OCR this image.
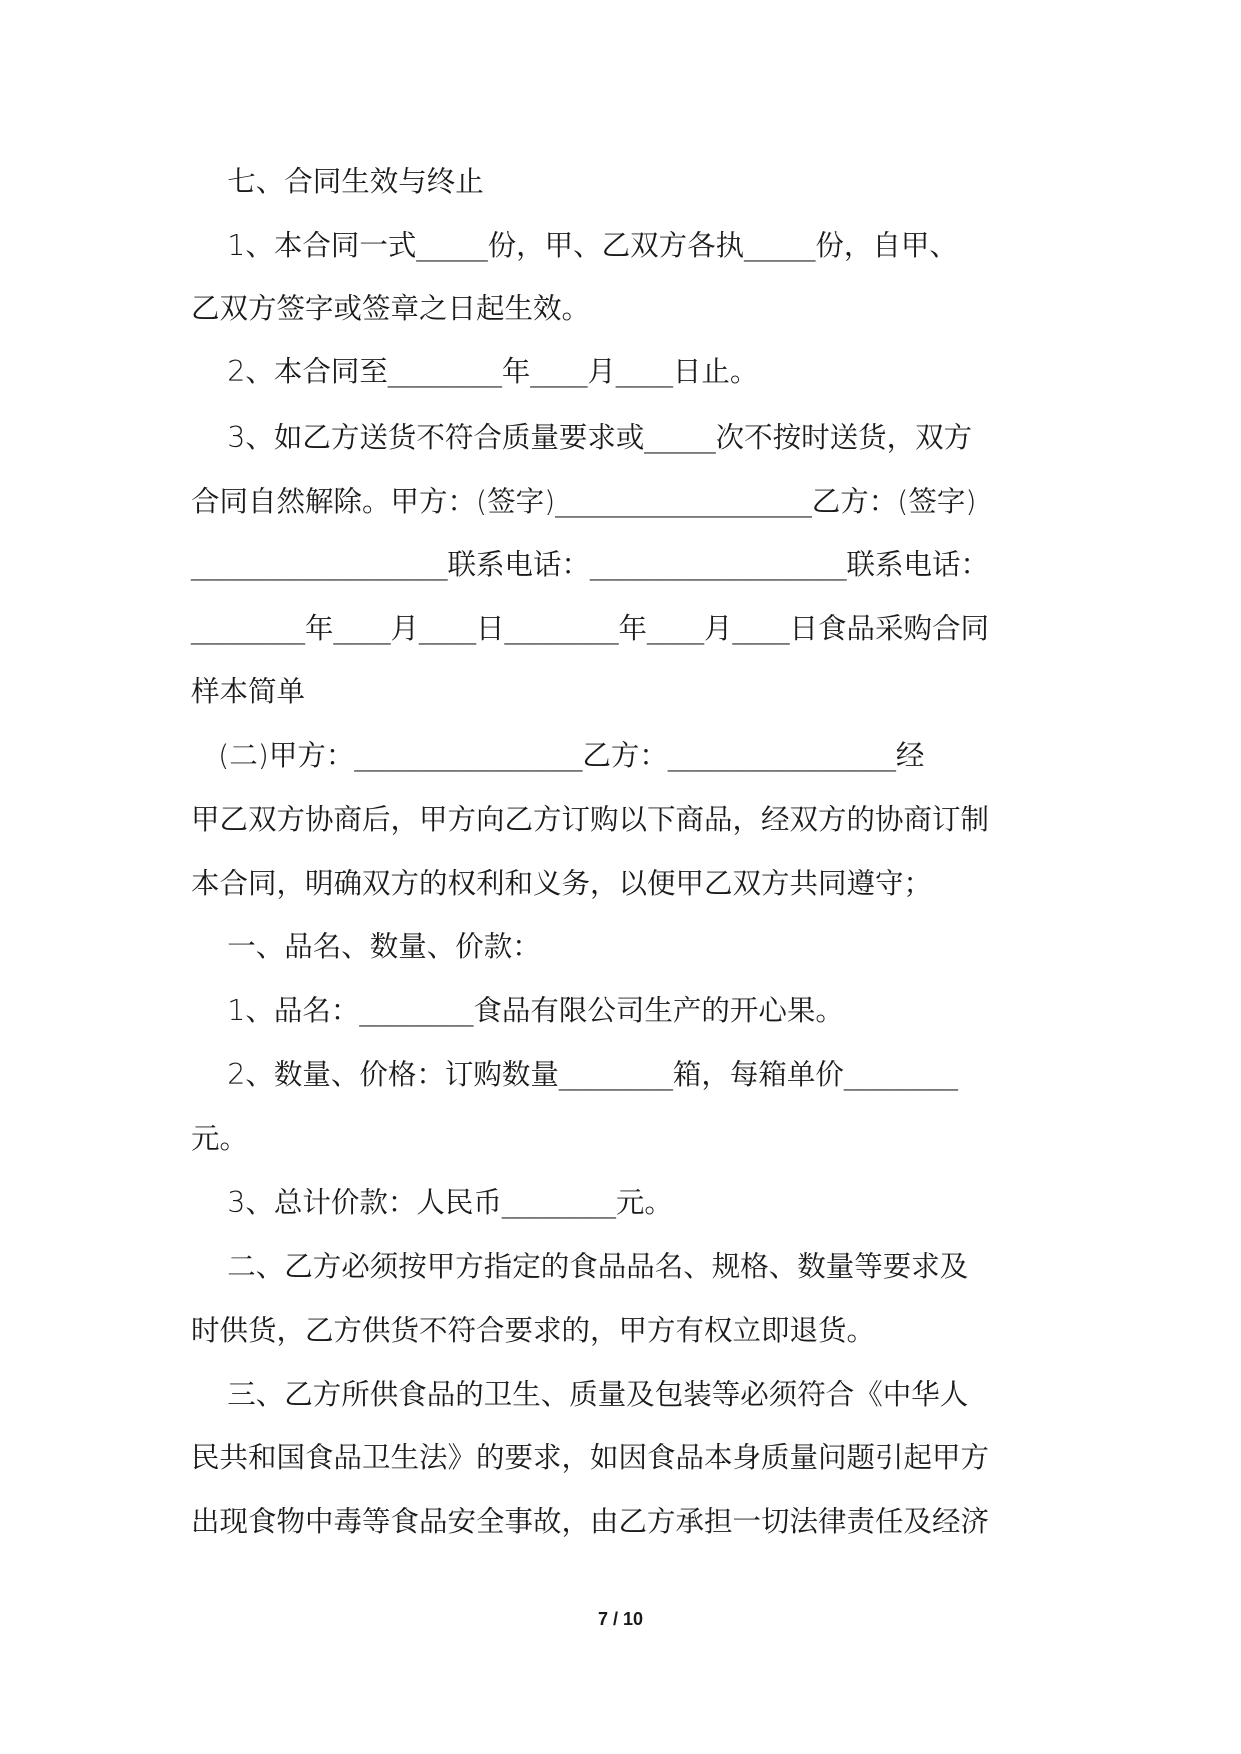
七、合同生效与终止
1、本合同一式_____份，甲、乙双方各执_____份，自甲、
乙双方签字或签章之日起生效。
2、本合同至________年____月____日止。
3、如乙方送货不符合质量要求或_____次不按时送货，双方
合同自然解除。甲方：(签字)__________________乙方：(签字)
__________________联系电话：__________________联系电话：
________年____月____日________年____月____日食品采购合同
样本简单
(二)甲方：________________乙方：________________经
甲乙双方协商后，甲方向乙方订购以下商品，经双方的协商订制
本合同，明确双方的权利和义务，以便甲乙双方共同遵守；
一、品名、数量、价款：
1、品名：________食品有限公司生产的开心果。
2、数量、价格：订购数量________箱，每箱单价________
元。
3、总计价款：人民币________元。
二、乙方必须按甲方指定的食品品名、规格、数量等要求及
时供货，乙方供货不符合要求的，甲方有权立即退货。
三、乙方所供食品的卫生、质量及包装等必须符合《中华人
民共和国食品卫生法》的要求，如因食品本身质量问题引起甲方
出现食物中毒等食品安全事故，由乙方承担一切法律责任及经济
7 / 10
